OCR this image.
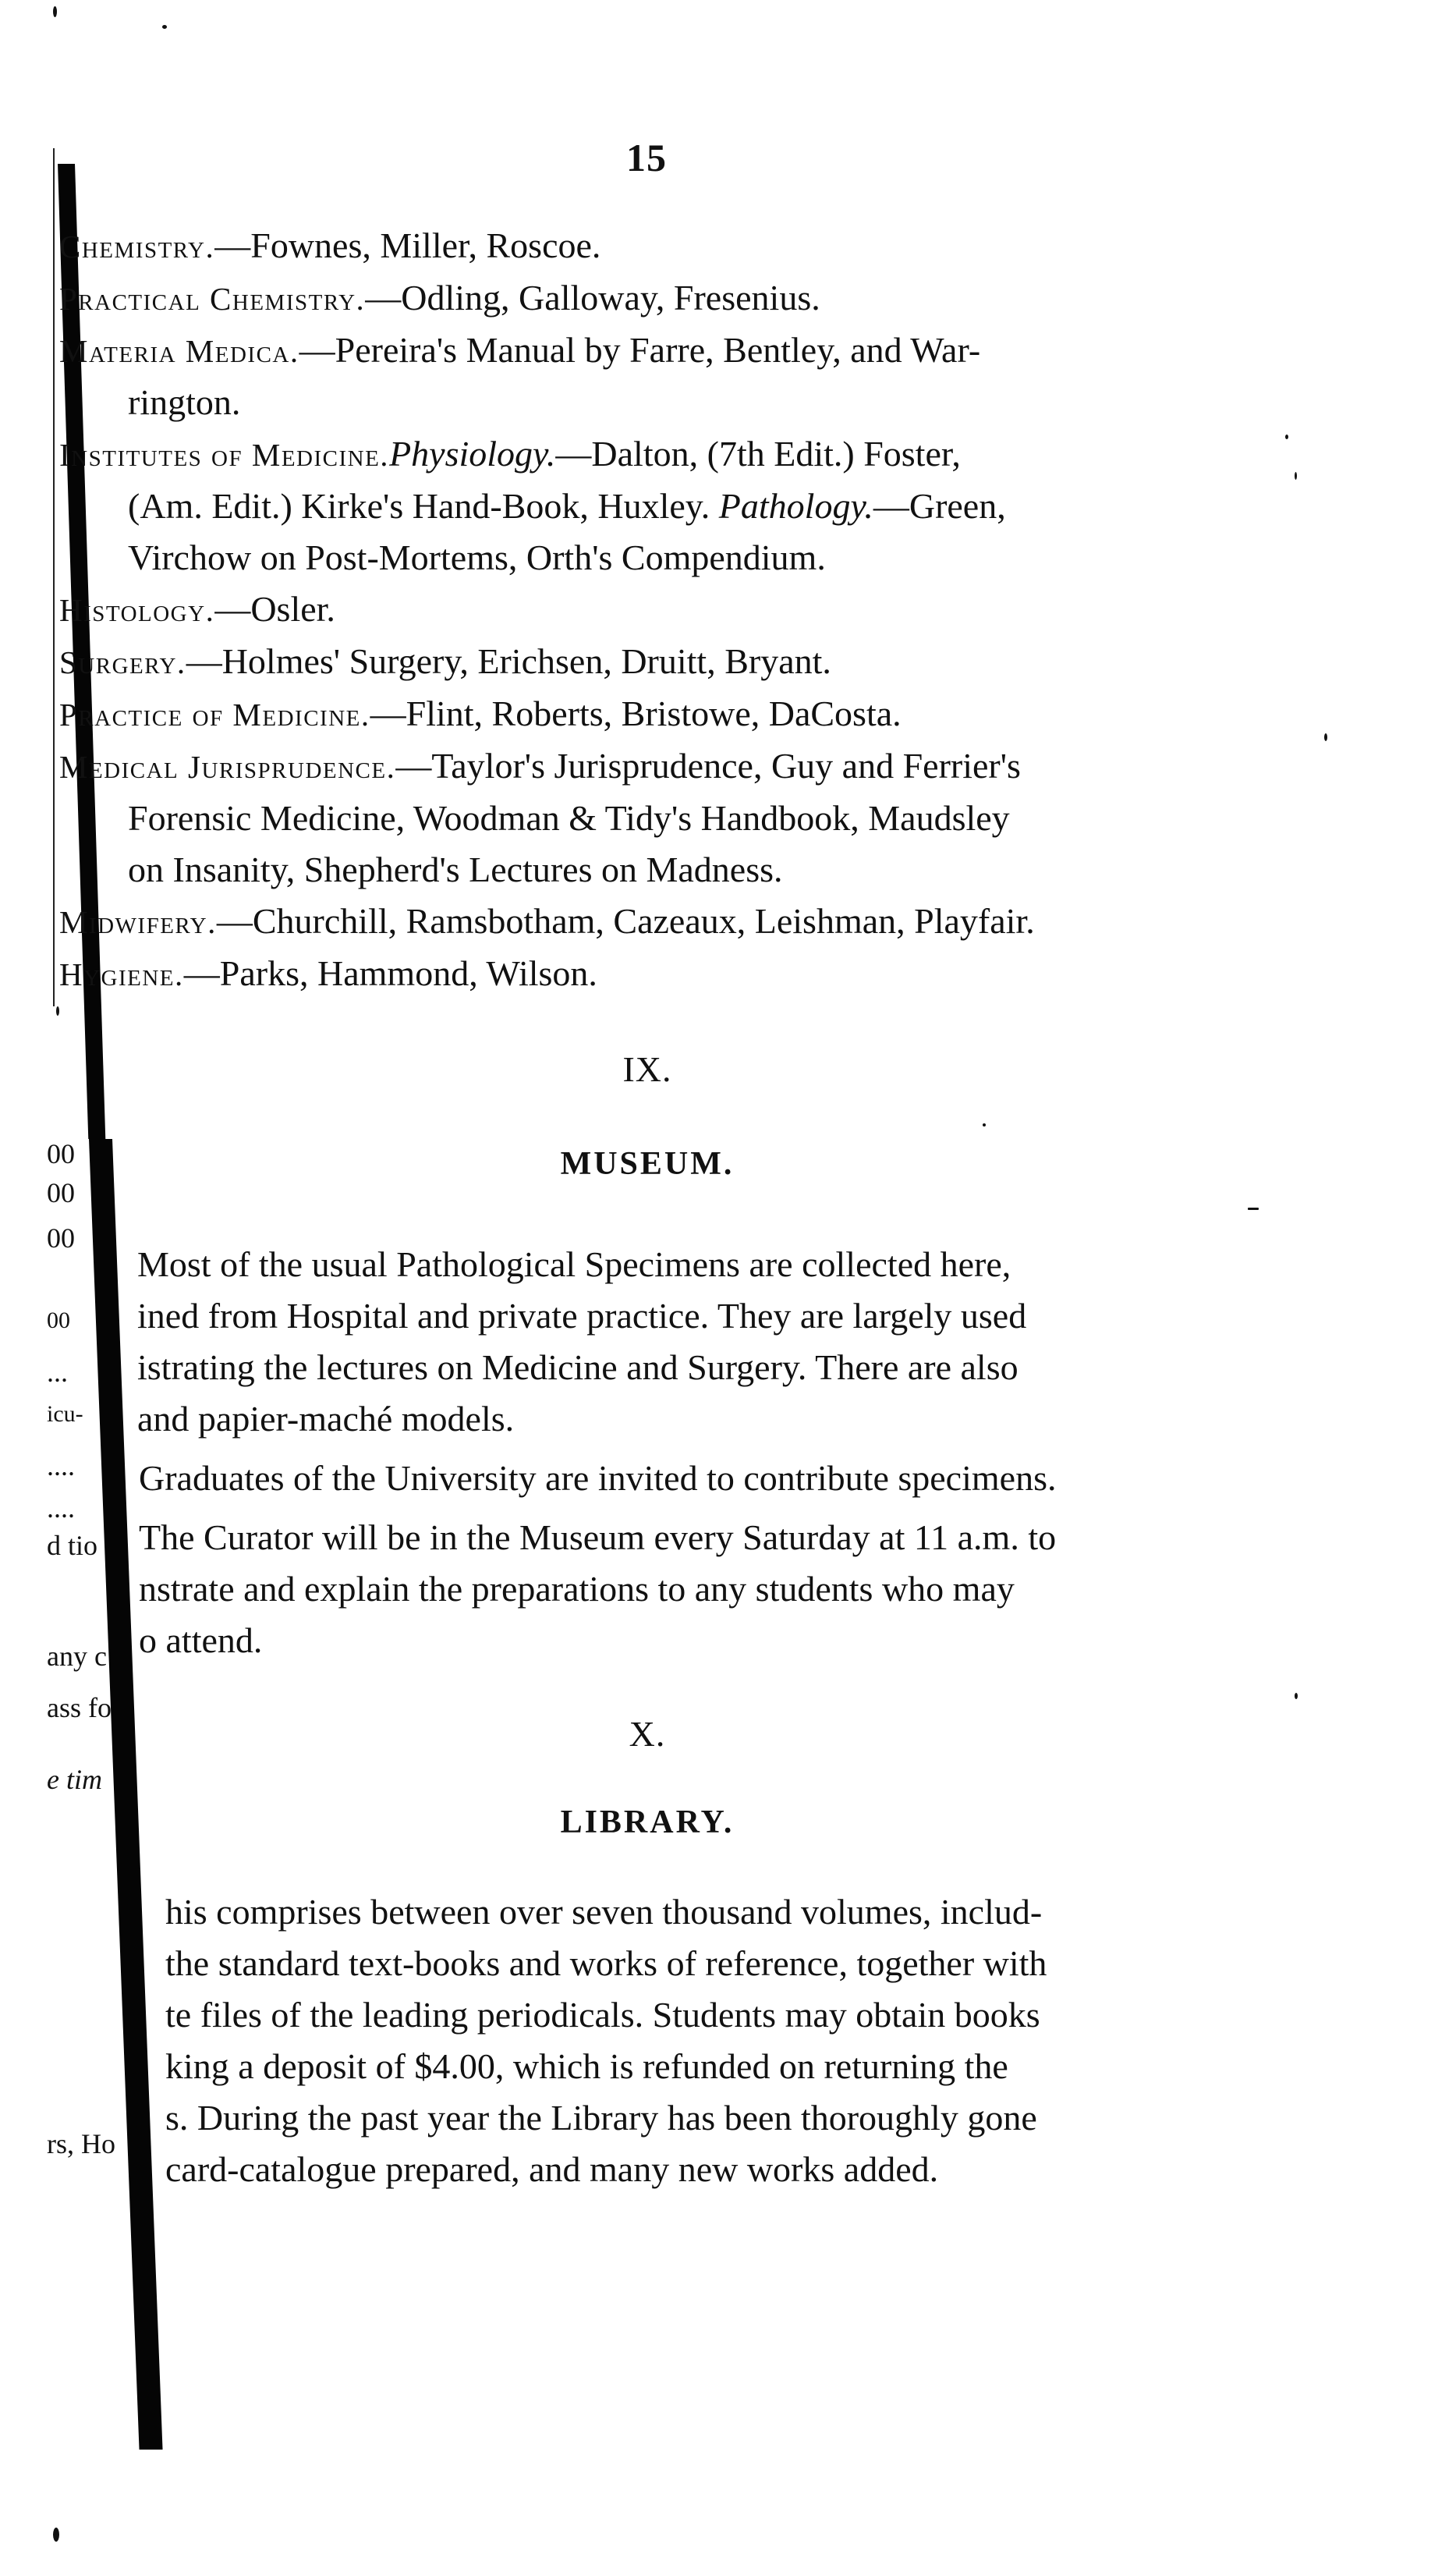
15
00
00
00
00
...
icu-
....
....
d tio
any c
ass fo
e tim
rs, Ho
Chemistry.—Fownes, Miller, Roscoe.
Practical Chemistry.—Odling, Galloway, Fresenius.
Materia Medica.—Pereira's Manual by Farre, Bentley, and War-
rington.
Institutes of Medicine.Physiology.—Dalton, (7th Edit.) Foster,
(Am. Edit.) Kirke's Hand-Book, Huxley. Pathology.—Green,
Virchow on Post-Mortems, Orth's Compendium.
Histology.—Osler.
Surgery.—Holmes' Surgery, Erichsen, Druitt, Bryant.
Practice of Medicine.—Flint, Roberts, Bristowe, DaCosta.
Medical Jurisprudence.—Taylor's Jurisprudence, Guy and Ferrier's
Forensic Medicine, Woodman & Tidy's Handbook, Maudsley
on Insanity, Shepherd's Lectures on Madness.
Midwifery.—Churchill, Ramsbotham, Cazeaux, Leishman, Playfair.
Hygiene.—Parks, Hammond, Wilson.
IX.
MUSEUM.
Most of the usual Pathological Specimens are collected here,
ined from Hospital and private practice. They are largely used
istrating the lectures on Medicine and Surgery. There are also
and papier-maché models.
Graduates of the University are invited to contribute specimens.
The Curator will be in the Museum every Saturday at 11 a.m. to
nstrate and explain the preparations to any students who may
o attend.
X.
LIBRARY.
his comprises between over seven thousand volumes, includ-
the standard text-books and works of reference, together with
te files of the leading periodicals. Students may obtain books
king a deposit of $4.00, which is refunded on returning the
s. During the past year the Library has been thoroughly gone
card-catalogue prepared, and many new works added.
